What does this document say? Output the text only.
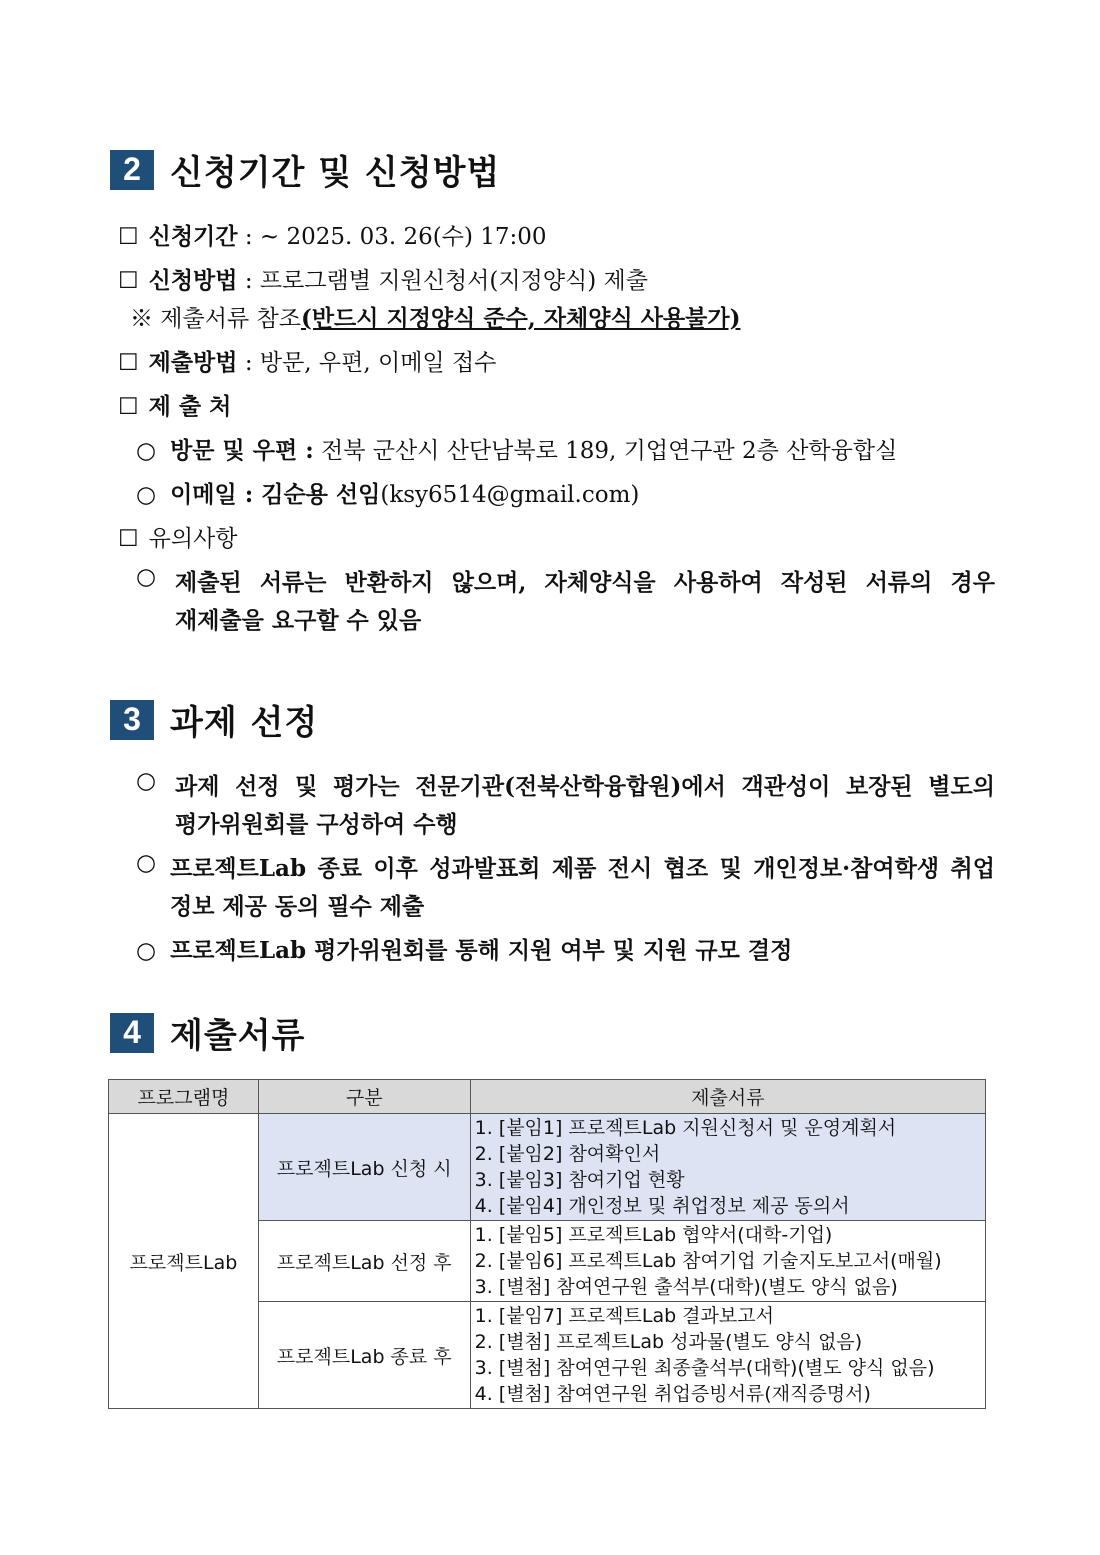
2 신청기간 및 신청방법
☐ 신청기간 : ~ 2025. 03. 26(수) 17:00
☐ 신청방법 : 프로그램별 지원신청서(지정양식) 제출
※ 제출서류 참조(반드시 지정양식 준수, 자체양식 사용불가)
☐ 제출방법 : 방문, 우편, 이메일 접수
☐ 제 출 처
○ 방문 및 우편 : 전북 군산시 산단남북로 189, 기업연구관 2층 산학융합실
○ 이메일 : 김순용 선임(ksy6514@gmail.com)
☐ 유의사항
○ 제출된 서류는 반환하지 않으며, 자체양식을 사용하여 작성된 서류의 경우
재제출을 요구할 수 있음
3 과제 선정
○ 과제 선정 및 평가는 전문기관(전북산학융합원)에서 객관성이 보장된 별도의
평가위원회를 구성하여 수행
○ 프로젝트Lab 종료 이후 성과발표회 제품 전시 협조 및 개인정보·참여학생 취업
정보 제공 동의 필수 제출
○ 프로젝트Lab 평가위원회를 통해 지원 여부 및 지원 규모 결정
4 제출서류
프로그램명	구분	제출서류
프로젝트Lab	프로젝트Lab 신청 시	1. [붙임1] 프로젝트Lab 지원신청서 및 운영계획서
2. [붙임2] 참여확인서
3. [붙임3] 참여기업 현황
4. [붙임4] 개인정보 및 취업정보 제공 동의서

	프로젝트Lab 선정 후	1. [붙임5] 프로젝트Lab 협약서(대학-기업)
2. [붙임6] 프로젝트Lab 참여기업 기술지도보고서(매월)
3. [별첨] 참여연구원 출석부(대학)(별도 양식 없음)

	프로젝트Lab 종료 후	1. [붙임7] 프로젝트Lab 결과보고서
2. [별첨] 프로젝트Lab 성과물(별도 양식 없음)
3. [별첨] 참여연구원 최종출석부(대학)(별도 양식 없음)
4. [별첨] 참여연구원 취업증빙서류(재직증명서)
